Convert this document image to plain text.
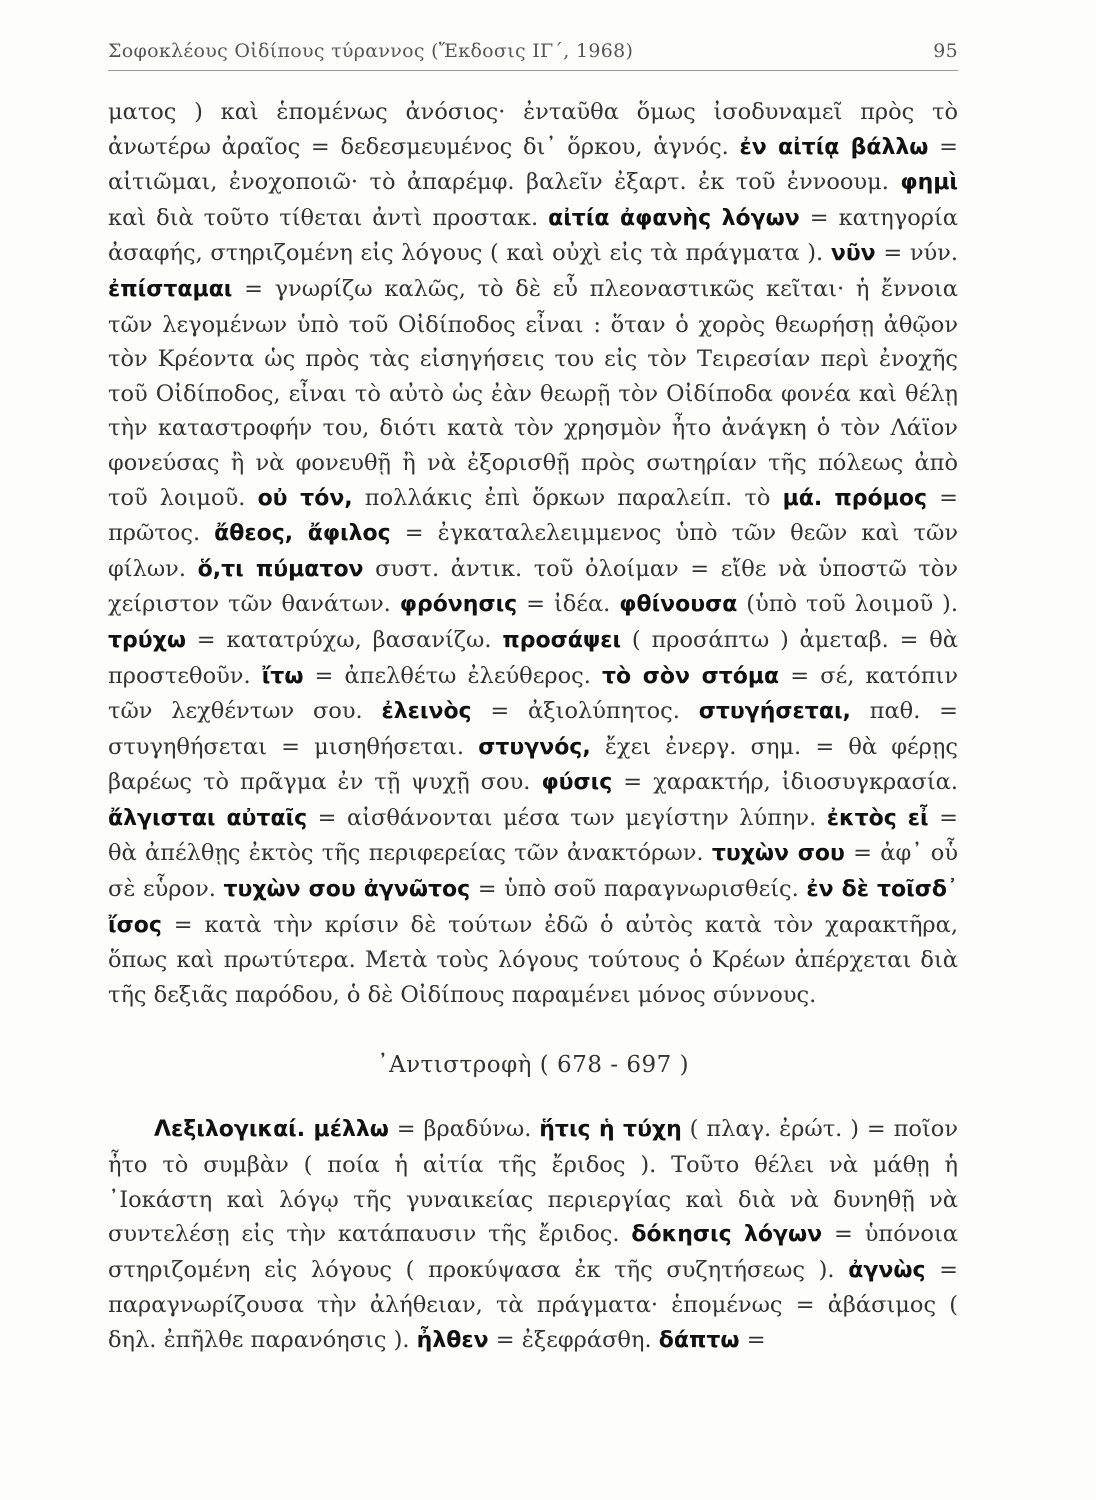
Σοφοκλέους Οἰδίπους τύραννος (Ἔκδοσις ΙΓ΄, 1968)	95

ματος ) καὶ ἑπομένως ἀνόσιος· ἐνταῦθα ὅμως ἰσοδυναμεῖ πρὸς τὸ ἀνωτέρω ἀραῖος = δεδεσμευμένος δι᾽ ὅρκου, ἁγνός. ἐν αἰτίᾳ βάλλω = αἰτιῶμαι, ἐνοχοποιῶ· τὸ ἀπαρέμφ. βαλεῖν ἐξαρτ. ἐκ τοῦ ἐννοουμ. φημὶ καὶ διὰ τοῦτο τίθεται ἀντὶ προστακ. αἰτία ἀφανὴς λόγων = κατηγορία ἀσαφής, στηριζομένη εἰς λόγους ( καὶ οὐχὶ εἰς τὰ πράγματα ). νῦν = νύν. ἐπίσταμαι = γνωρίζω καλῶς, τὸ δὲ εὖ πλεοναστικῶς κεῖται· ἡ ἔννοια τῶν λεγομένων ὑπὸ τοῦ Οἰδίποδος εἶναι : ὅταν ὁ χορὸς θεωρήσῃ ἀθῷον τὸν Κρέοντα ὡς πρὸς τὰς εἰσηγήσεις του εἰς τὸν Τειρεσίαν περὶ ἐνοχῆς τοῦ Οἰδίποδος, εἶναι τὸ αὐτὸ ὡς ἐὰν θεωρῇ τὸν Οἰδίποδα φονέα καὶ θέλῃ τὴν καταστροφήν του, διότι κατὰ τὸν χρησμὸν ἦτο ἀνάγκη ὁ τὸν Λάϊον φονεύσας ἢ νὰ φονευθῇ ἢ νὰ ἐξορισθῇ πρὸς σωτηρίαν τῆς πόλεως ἀπὸ τοῦ λοιμοῦ. οὐ τόν, πολλάκις ἐπὶ ὅρκων παραλείπ. τὸ μά. πρόμος = πρῶτος. ἄθεος, ἄφιλος = ἐγκαταλελειμμενος ὑπὸ τῶν θεῶν καὶ τῶν φίλων. ὅ,τι πύματον συστ. ἀντικ. τοῦ ὀλοίμαν = εἴθε νὰ ὑποστῶ τὸν χείριστον τῶν θανάτων. φρόνησις = ἰδέα. φθίνουσα (ὑπὸ τοῦ λοιμοῦ ). τρύχω = κατατρύχω, βασανίζω. προσάψει ( προσάπτω ) ἀμεταβ. = θὰ προστεθοῦν. ἴτω = ἀπελθέτω ἐλεύθερος. τὸ σὸν στόμα = σέ, κατόπιν τῶν λεχθέντων σου. ἐλεινὸς = ἀξιολύπητος. στυγήσεται, παθ. = στυγηθήσεται = μισηθήσεται. στυγνός, ἔχει ἐνεργ. σημ. = θὰ φέρῃς βαρέως τὸ πρᾶγμα ἐν τῇ ψυχῇ σου. φύσις = χαρακτήρ, ἰδιοσυγκρασία. ἄλγισται αὐταῖς = αἰσθάνονται μέσα των μεγίστην λύπην. ἐκτὸς εἶ = θὰ ἀπέλθῃς ἐκτὸς τῆς περιφερείας τῶν ἀνακτόρων. τυχὼν σου = ἀφ᾽ οὗ σὲ εὗρον. τυχὼν σου ἀγνῶτος = ὑπὸ σοῦ παραγνωρισθείς. ἐν δὲ τοῖσδ᾽ ἴσος = κατὰ τὴν κρίσιν δὲ τούτων ἐδῶ ὁ αὐτὸς κατὰ τὸν χαρακτῆρα, ὅπως καὶ πρωτύτερα. Μετὰ τοὺς λόγους τούτους ὁ Κρέων ἀπέρχεται διὰ τῆς δεξιᾶς παρόδου, ὁ δὲ Οἰδίπους παραμένει μόνος σύννους.

᾽Αντιστροφὴ ( 678 - 697 )

Λεξιλογικαί. μέλλω = βραδύνω. ἥτις ἡ τύχη ( πλαγ. ἐρώτ. ) = ποῖον ἦτο τὸ συμβὰν ( ποία ἡ αἰτία τῆς ἔριδος ). Τοῦτο θέλει νὰ μάθῃ ἡ ᾽Ιοκάστη καὶ λόγῳ τῆς γυναικείας περιεργίας καὶ διὰ νὰ δυνηθῇ νὰ συντελέσῃ εἰς τὴν κατάπαυσιν τῆς ἔριδος. δόκησις λόγων = ὑπόνοια στηριζομένη εἰς λόγους ( προκύψασα ἐκ τῆς συζητήσεως ). ἀγνὼς = παραγνωρίζουσα τὴν ἀλήθειαν, τὰ πράγματα· ἑπομένως = ἀβάσιμος ( δηλ. ἐπῆλθε παρανόησις ). ἦλθεν = ἐξεφράσθη. δάπτω =
